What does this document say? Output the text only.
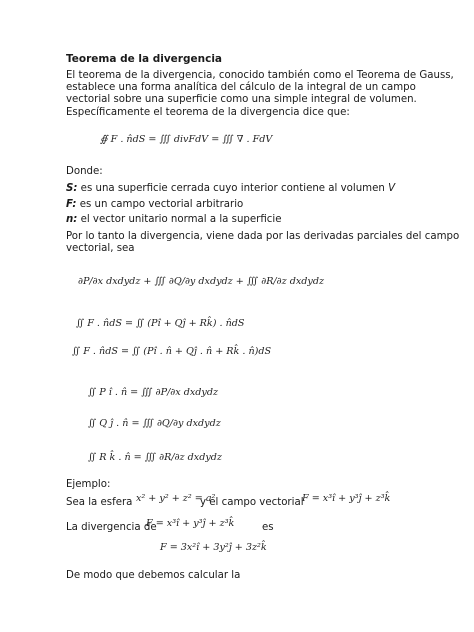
Teorema de la divergencia
El teorema de la divergencia, conocido también como el Teorema de Gauss,
establece una forma analítica del cálculo de la integral de un campo
vectorial sobre una superficie como una simple integral de volumen.
Específicamente el teorema de la divergencia dice que:
∯ F . n̂dS = ∭ divFdV = ∭ ∇ . FdV
Donde:
S: es una superficie cerrada cuyo interior contiene al volumen V
F: es un campo vectorial arbitrario
n: el vector unitario normal a la superficie
Por lo tanto la divergencia, viene dada por las derivadas parciales del campo
vectorial, sea
∂P/∂x dxdydz + ∭ ∂Q/∂y dxdydz + ∭ ∂R/∂z dxdydz
∬ F . n̂dS = ∬ (Pî + Qĵ + Rk̂) . n̂dS
∬ F . n̂dS = ∬ (Pî . n̂ + Qĵ . n̂ + Rk̂ . n̂)dS
∬ P î . n̂ = ∭ ∂P/∂x dxdydz
∬ Q ĵ . n̂ = ∭ ∂Q/∂y dxdydz
∬ R k̂ . n̂ = ∭ ∂R/∂z dxdydz
Ejemplo:
Sea la esfera x² + y² + z² = a²
y el campo vectorial
F = x³î + y³ĵ + z³k̂
La divergencia de
F = x³î + y³ĵ + z³k̂	es
F = 3x²î + 3y²ĵ + 3z²k̂
De modo que debemos calcular la
